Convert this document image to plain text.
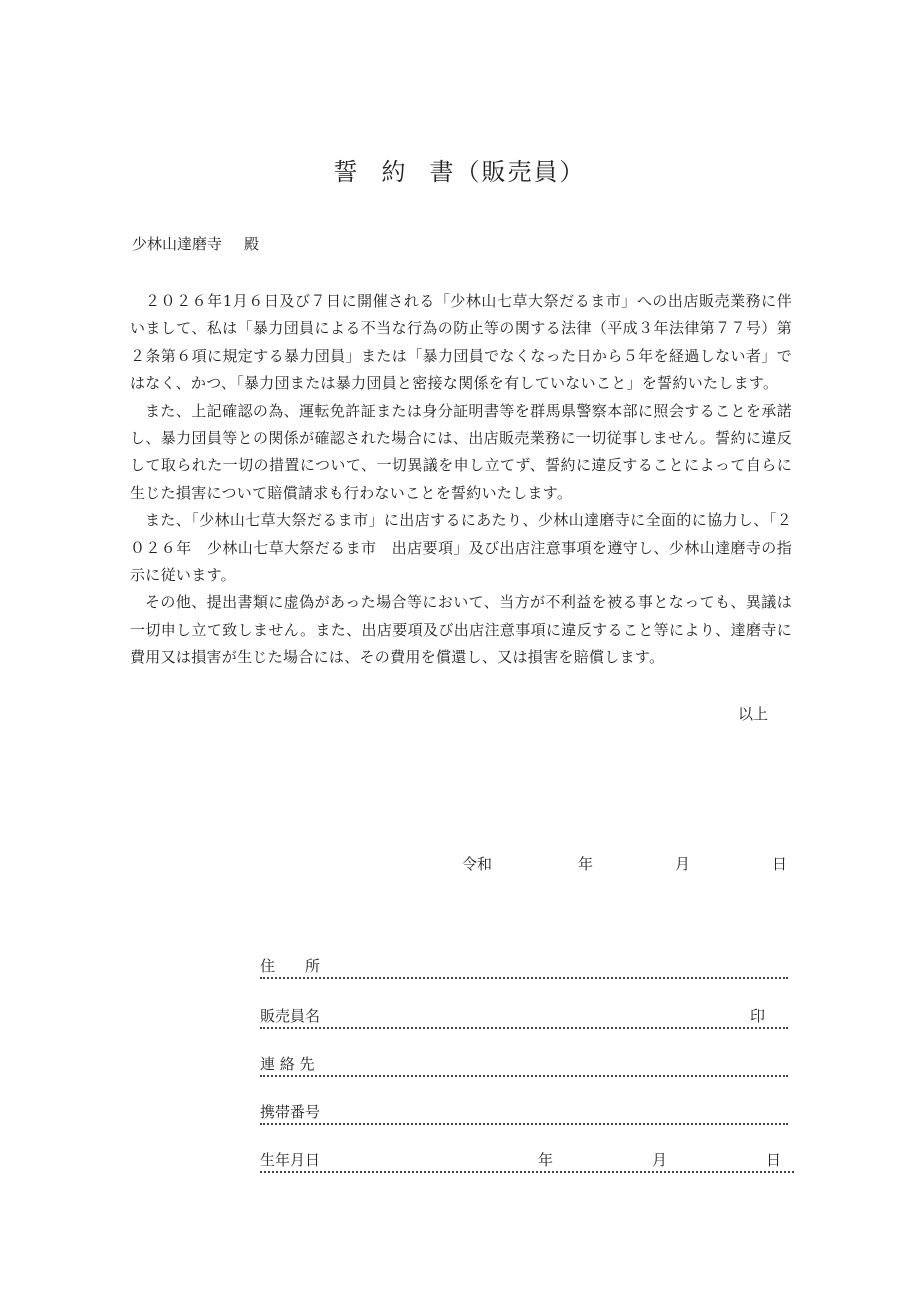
誓 約 書（販売員）
少林山達磨寺 殿

２０２６年1月６日及び７日に開催される「少林山七草大祭だるま市」への出店販売業務に伴いまして、私は「暴力団員による不当な行為の防止等の関する法律（平成３年法律第７７号）第２条第６項に規定する暴力団員」または「暴力団員でなくなった日から５年を経過しない者」ではなく、かつ、「暴力団または暴力団員と密接な関係を有していないこと」を誓約いたします。

また、上記確認の為、運転免許証または身分証明書等を群馬県警察本部に照会することを承諾し、暴力団員等との関係が確認された場合には、出店販売業務に一切従事しません。誓約に違反して取られた一切の措置について、一切異議を申し立てず、誓約に違反することによって自らに生じた損害について賠償請求も行わないことを誓約いたします。

また、「少林山七草大祭だるま市」に出店するにあたり、少林山達磨寺に全面的に協力し、「２０２６年　少林山七草大祭だるま市　出店要項」及び出店注意事項を遵守し、少林山達磨寺の指示に従います。

その他、提出書類に虚偽があった場合等において、当方が不利益を被る事となっても、異議は一切申し立て致しません。また、出店要項及び出店注意事項に違反すること等により、達磨寺に費用又は損害が生じた場合には、その費用を償還し、又は損害を賠償します。

以上
令和	年	月	日
住　　所
販売員名	印
連 絡 先
携帯番号
生年月日	年	月	日
